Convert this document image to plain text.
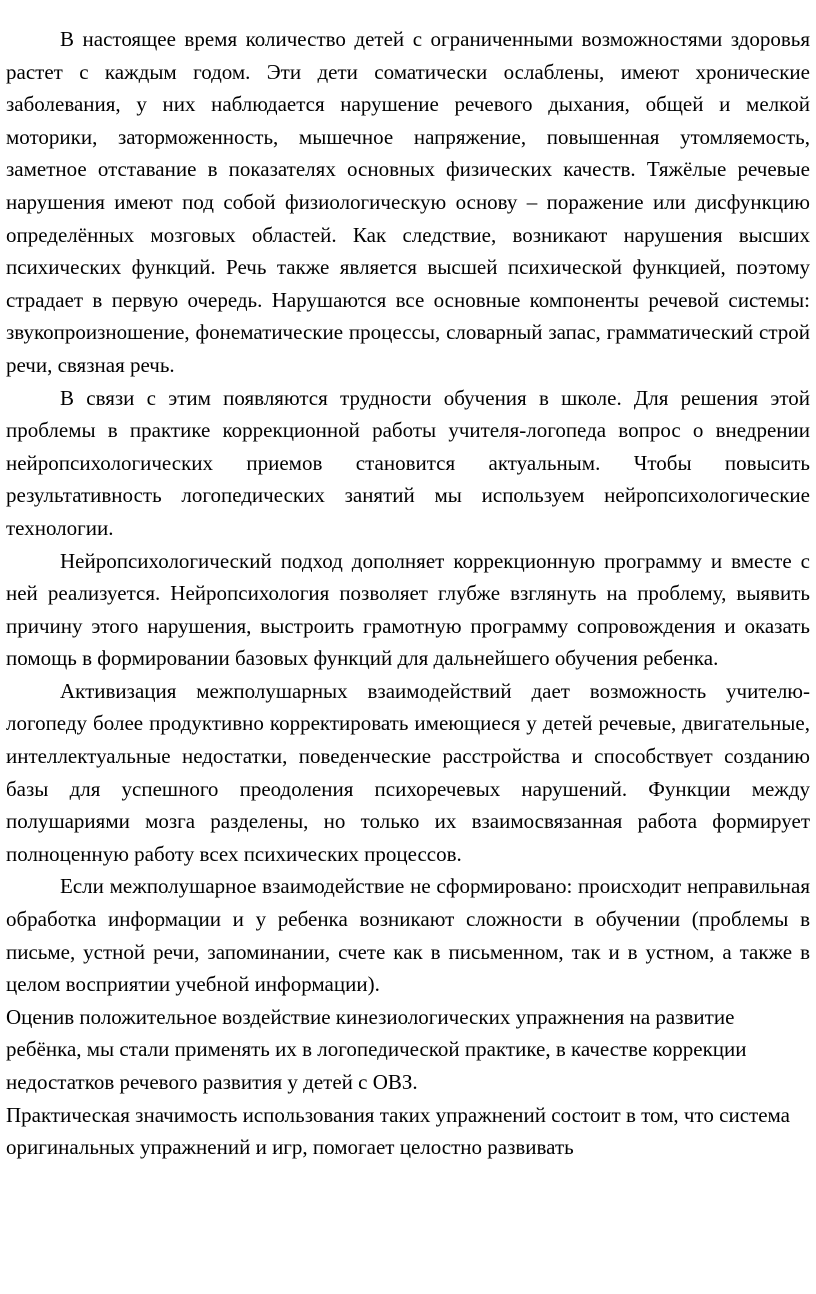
В настоящее время количество детей с ограниченными возможностями здоровья растет с каждым годом. Эти дети соматически ослаблены, имеют хронические заболевания, у них наблюдается нарушение речевого дыхания, общей и мелкой моторики, заторможенность, мышечное напряжение, повышенная утомляемость, заметное отставание в показателях основных физических качеств. Тяжёлые речевые нарушения имеют под собой физиологическую основу – поражение или дисфункцию определённых мозговых областей. Как следствие, возникают нарушения высших психических функций. Речь также является высшей психической функцией, поэтому страдает в первую очередь. Нарушаются все основные компоненты речевой системы: звукопроизношение, фонематические процессы, словарный запас, грамматический строй речи, связная речь.

В связи с этим появляются трудности обучения в школе. Для решения этой проблемы в практике коррекционной работы учителя-логопеда вопрос о внедрении нейропсихологических приемов становится актуальным. Чтобы повысить результативность логопедических занятий мы используем нейропсихологические технологии.

Нейропсихологический подход дополняет коррекционную программу и вместе с ней реализуется. Нейропсихология позволяет глубже взглянуть на проблему, выявить причину этого нарушения, выстроить грамотную программу сопровождения и оказать помощь в формировании базовых функций для дальнейшего обучения ребенка.

Активизация межполушарных взаимодействий дает возможность учителю-логопеду более продуктивно корректировать имеющиеся у детей речевые, двигательные, интеллектуальные недостатки, поведенческие расстройства и способствует созданию базы для успешного преодоления психоречевых нарушений. Функции между полушариями мозга разделены, но только их взаимосвязанная работа формирует полноценную работу всех психических процессов.

Если межполушарное взаимодействие не сформировано: происходит неправильная обработка информации и у ребенка возникают сложности в обучении (проблемы в письме, устной речи, запоминании, счете как в письменном, так и в устном, а также в целом восприятии учебной информации).

Оценив положительное воздействие кинезиологических упражнения на развитие ребёнка, мы стали применять их в логопедической практике, в качестве коррекции недостатков речевого развития у детей с ОВЗ.

Практическая значимость использования таких упражнений состоит в том, что система оригинальных упражнений и игр, помогает целостно развивать
